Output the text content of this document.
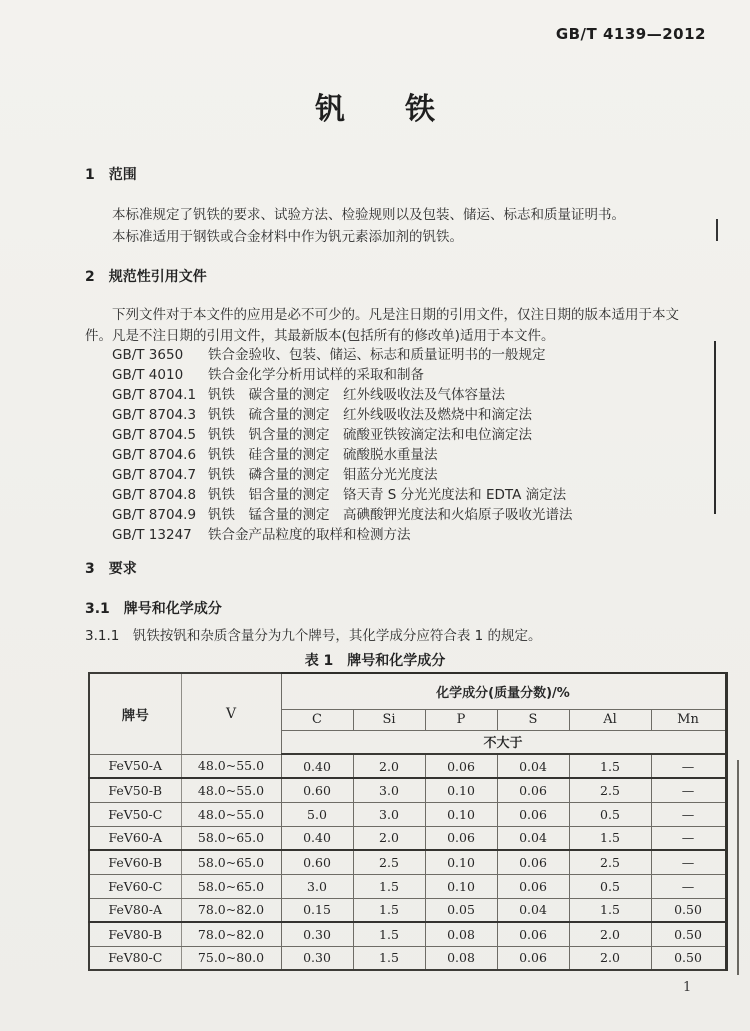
GB/T 4139—2012
钒　　铁
1　范围
本标准规定了钒铁的要求、试验方法、检验规则以及包装、储运、标志和质量证明书。
本标准适用于钢铁或合金材料中作为钒元素添加剂的钒铁。
2　规范性引用文件
下列文件对于本文件的应用是必不可少的。凡是注日期的引用文件，仅注日期的版本适用于本文
件。凡是不注日期的引用文件，其最新版本(包括所有的修改单)适用于本文件。
GB/T 3650 铁合金验收、包装、储运、标志和质量证明书的一般规定
GB/T 4010 铁合金化学分析用试样的采取和制备
GB/T 8704.1 钒铁　碳含量的测定　红外线吸收法及气体容量法
GB/T 8704.3 钒铁　硫含量的测定　红外线吸收法及燃烧中和滴定法
GB/T 8704.5 钒铁　钒含量的测定　硫酸亚铁铵滴定法和电位滴定法
GB/T 8704.6 钒铁　硅含量的测定　硫酸脱水重量法
GB/T 8704.7 钒铁　磷含量的测定　钼蓝分光光度法
GB/T 8704.8 钒铁　铝含量的测定　铬天青 S 分光光度法和 EDTA 滴定法
GB/T 8704.9 钒铁　锰含量的测定　高碘酸钾光度法和火焰原子吸收光谱法
GB/T 13247 铁合金产品粒度的取样和检测方法
3　要求
3.1　牌号和化学成分
3.1.1　钒铁按钒和杂质含量分为九个牌号，其化学成分应符合表 1 的规定。
表 1　牌号和化学成分
牌号	V	化学成分(质量分数)/%					
		C	Si	P	S	Al	Mn
		不大于					
FeV50-A	48.0~55.0	0.40	2.0	0.06	0.04	1.5	—
FeV50-B	48.0~55.0	0.60	3.0	0.10	0.06	2.5	—
FeV50-C	48.0~55.0	5.0	3.0	0.10	0.06	0.5	—
FeV60-A	58.0~65.0	0.40	2.0	0.06	0.04	1.5	—
FeV60-B	58.0~65.0	0.60	2.5	0.10	0.06	2.5	—
FeV60-C	58.0~65.0	3.0	1.5	0.10	0.06	0.5	—
FeV80-A	78.0~82.0	0.15	1.5	0.05	0.04	1.5	0.50
FeV80-B	78.0~82.0	0.30	1.5	0.08	0.06	2.0	0.50
FeV80-C	75.0~80.0	0.30	1.5	0.08	0.06	2.0	0.50
1
